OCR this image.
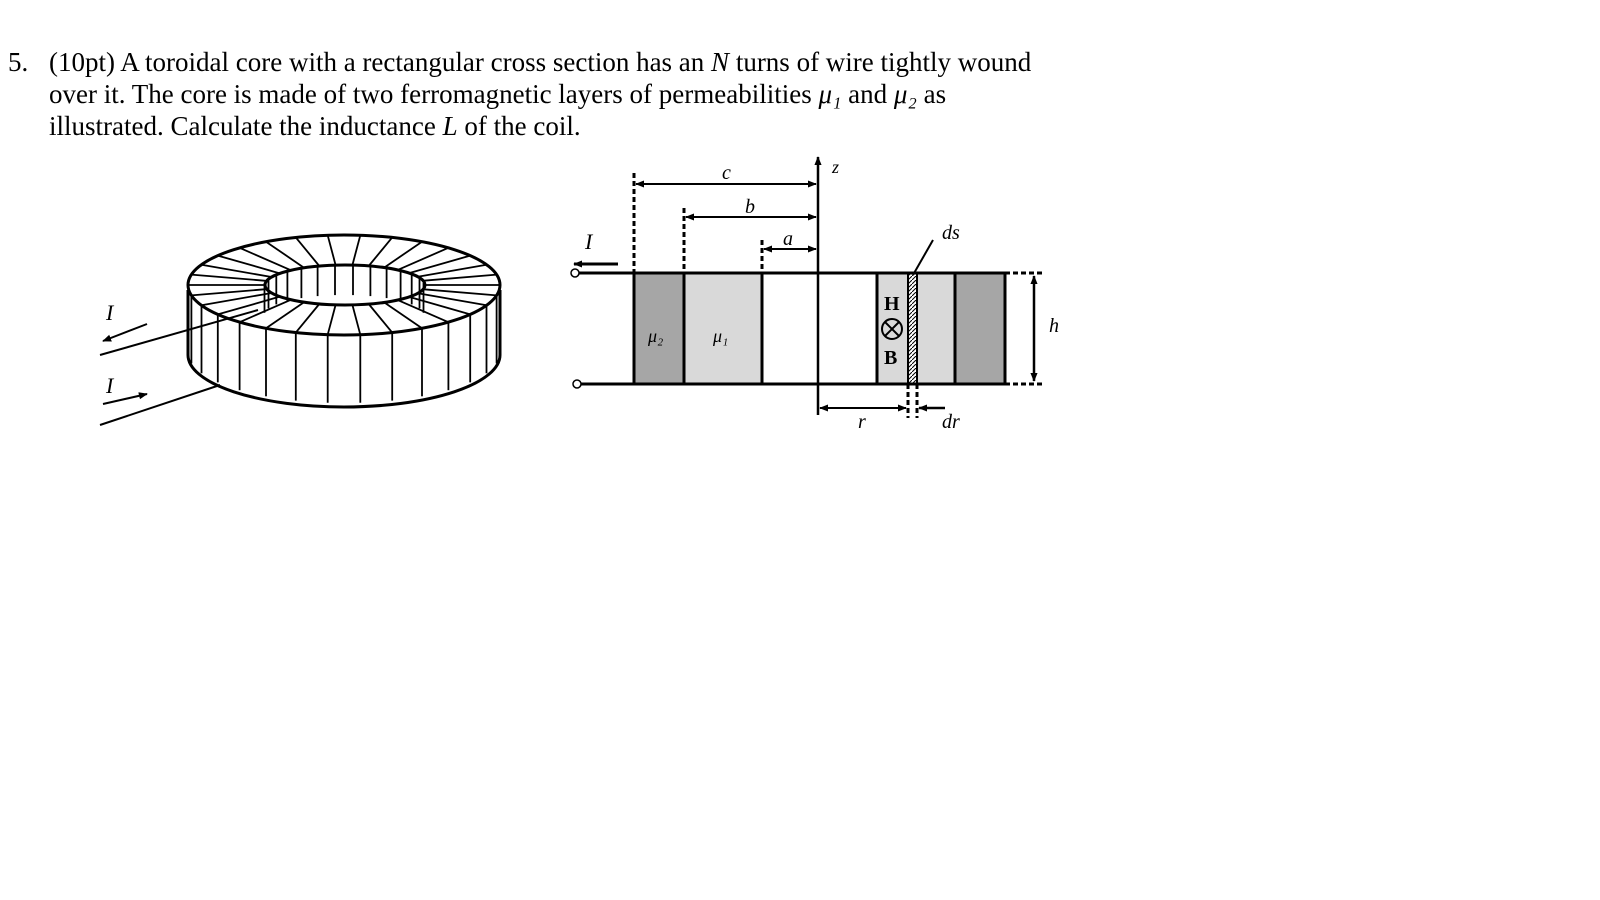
5. (10pt) A toroidal core with a rectangular cross section has an N turns of wire tightly wound
over it. The core is made of two ferromagnetic layers of permeabilities μ₁ and μ₂ as
illustrated. Calculate the inductance L of the coil.
I
I
I
z
c
b
a
h
r	dr
ds
H
B
μ₂	μ₁
